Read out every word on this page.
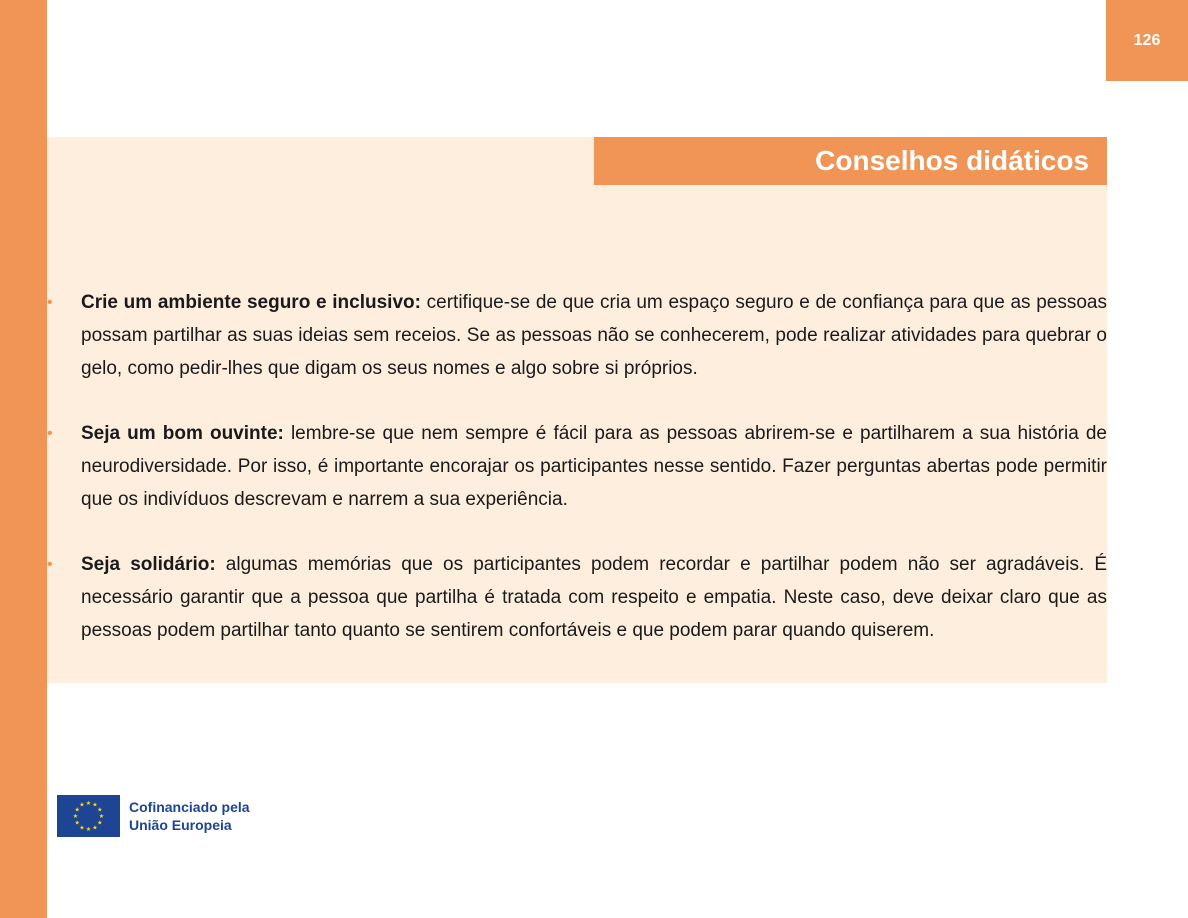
126
Conselhos didáticos
• Crie um ambiente seguro e inclusivo: certifique-se de que cria um espaço seguro e de confiança para que as pessoas possam partilhar as suas ideias sem receios. Se as pessoas não se conhecerem, pode realizar atividades para quebrar o gelo, como pedir-lhes que digam os seus nomes e algo sobre si próprios.
• Seja um bom ouvinte: lembre-se que nem sempre é fácil para as pessoas abrirem-se e partilharem a sua história de neurodiversidade. Por isso, é importante encorajar os participantes nesse sentido. Fazer perguntas abertas pode permitir que os indivíduos descrevam e narrem a sua experiência.
• Seja solidário: algumas memórias que os participantes podem recordar e partilhar podem não ser agradáveis. É necessário garantir que a pessoa que partilha é tratada com respeito e empatia. Neste caso, deve deixar claro que as pessoas podem partilhar tanto quanto se sentirem confortáveis e que podem parar quando quiserem.
★ ★
★
★
★
★
★
★
★
★
★
★	Cofinanciado pela
União Europeia
